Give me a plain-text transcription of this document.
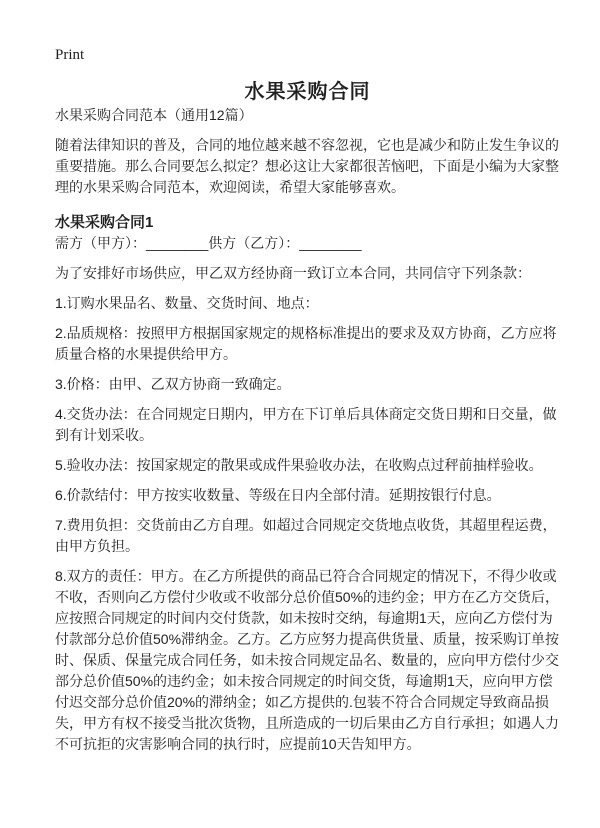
Print
水果采购合同

水果采购合同范本（通用12篇）

随着法律知识的普及，合同的地位越来越不容忽视，它也是减少和防止发生争议的重要措施。那么合同要怎么拟定？想必这让大家都很苦恼吧，下面是小编为大家整理的水果采购合同范本，欢迎阅读，希望大家能够喜欢。

水果采购合同1

需方（甲方）：________供方（乙方）：________

为了安排好市场供应，甲乙双方经协商一致订立本合同，共同信守下列条款：

1.订购水果品名、数量、交货时间、地点：

2.品质规格：按照甲方根据国家规定的规格标准提出的要求及双方协商，乙方应将质量合格的水果提供给甲方。

3.价格：由甲、乙双方协商一致确定。

4.交货办法：在合同规定日期内，甲方在下订单后具体商定交货日期和日交量，做到有计划采收。

5.验收办法：按国家规定的散果或成件果验收办法，在收购点过秤前抽样验收。

6.价款结付：甲方按实收数量、等级在日内全部付清。延期按银行付息。

7.费用负担：交货前由乙方自理。如超过合同规定交货地点收货，其超里程运费，由甲方负担。

8.双方的责任：甲方。在乙方所提供的商品已符合合同规定的情况下，不得少收或不收，否则向乙方偿付少收或不收部分总价值50%的违约金；甲方在乙方交货后，应按照合同规定的时间内交付货款，如未按时交纳，每逾期1天，应向乙方偿付为付款部分总价值50%滞纳金。乙方。乙方应努力提高供货量、质量，按采购订单按时、保质、保量完成合同任务，如未按合同规定品名、数量的，应向甲方偿付少交部分总价值50%的违约金；如未按合同规定的时间交货，每逾期1天，应向甲方偿付迟交部分总价值20%的滞纳金；如乙方提供的.包装不符合合同规定导致商品损失，甲方有权不接受当批次货物，且所造成的一切后果由乙方自行承担；如遇人力不可抗拒的灾害影响合同的执行时，应提前10天告知甲方。
